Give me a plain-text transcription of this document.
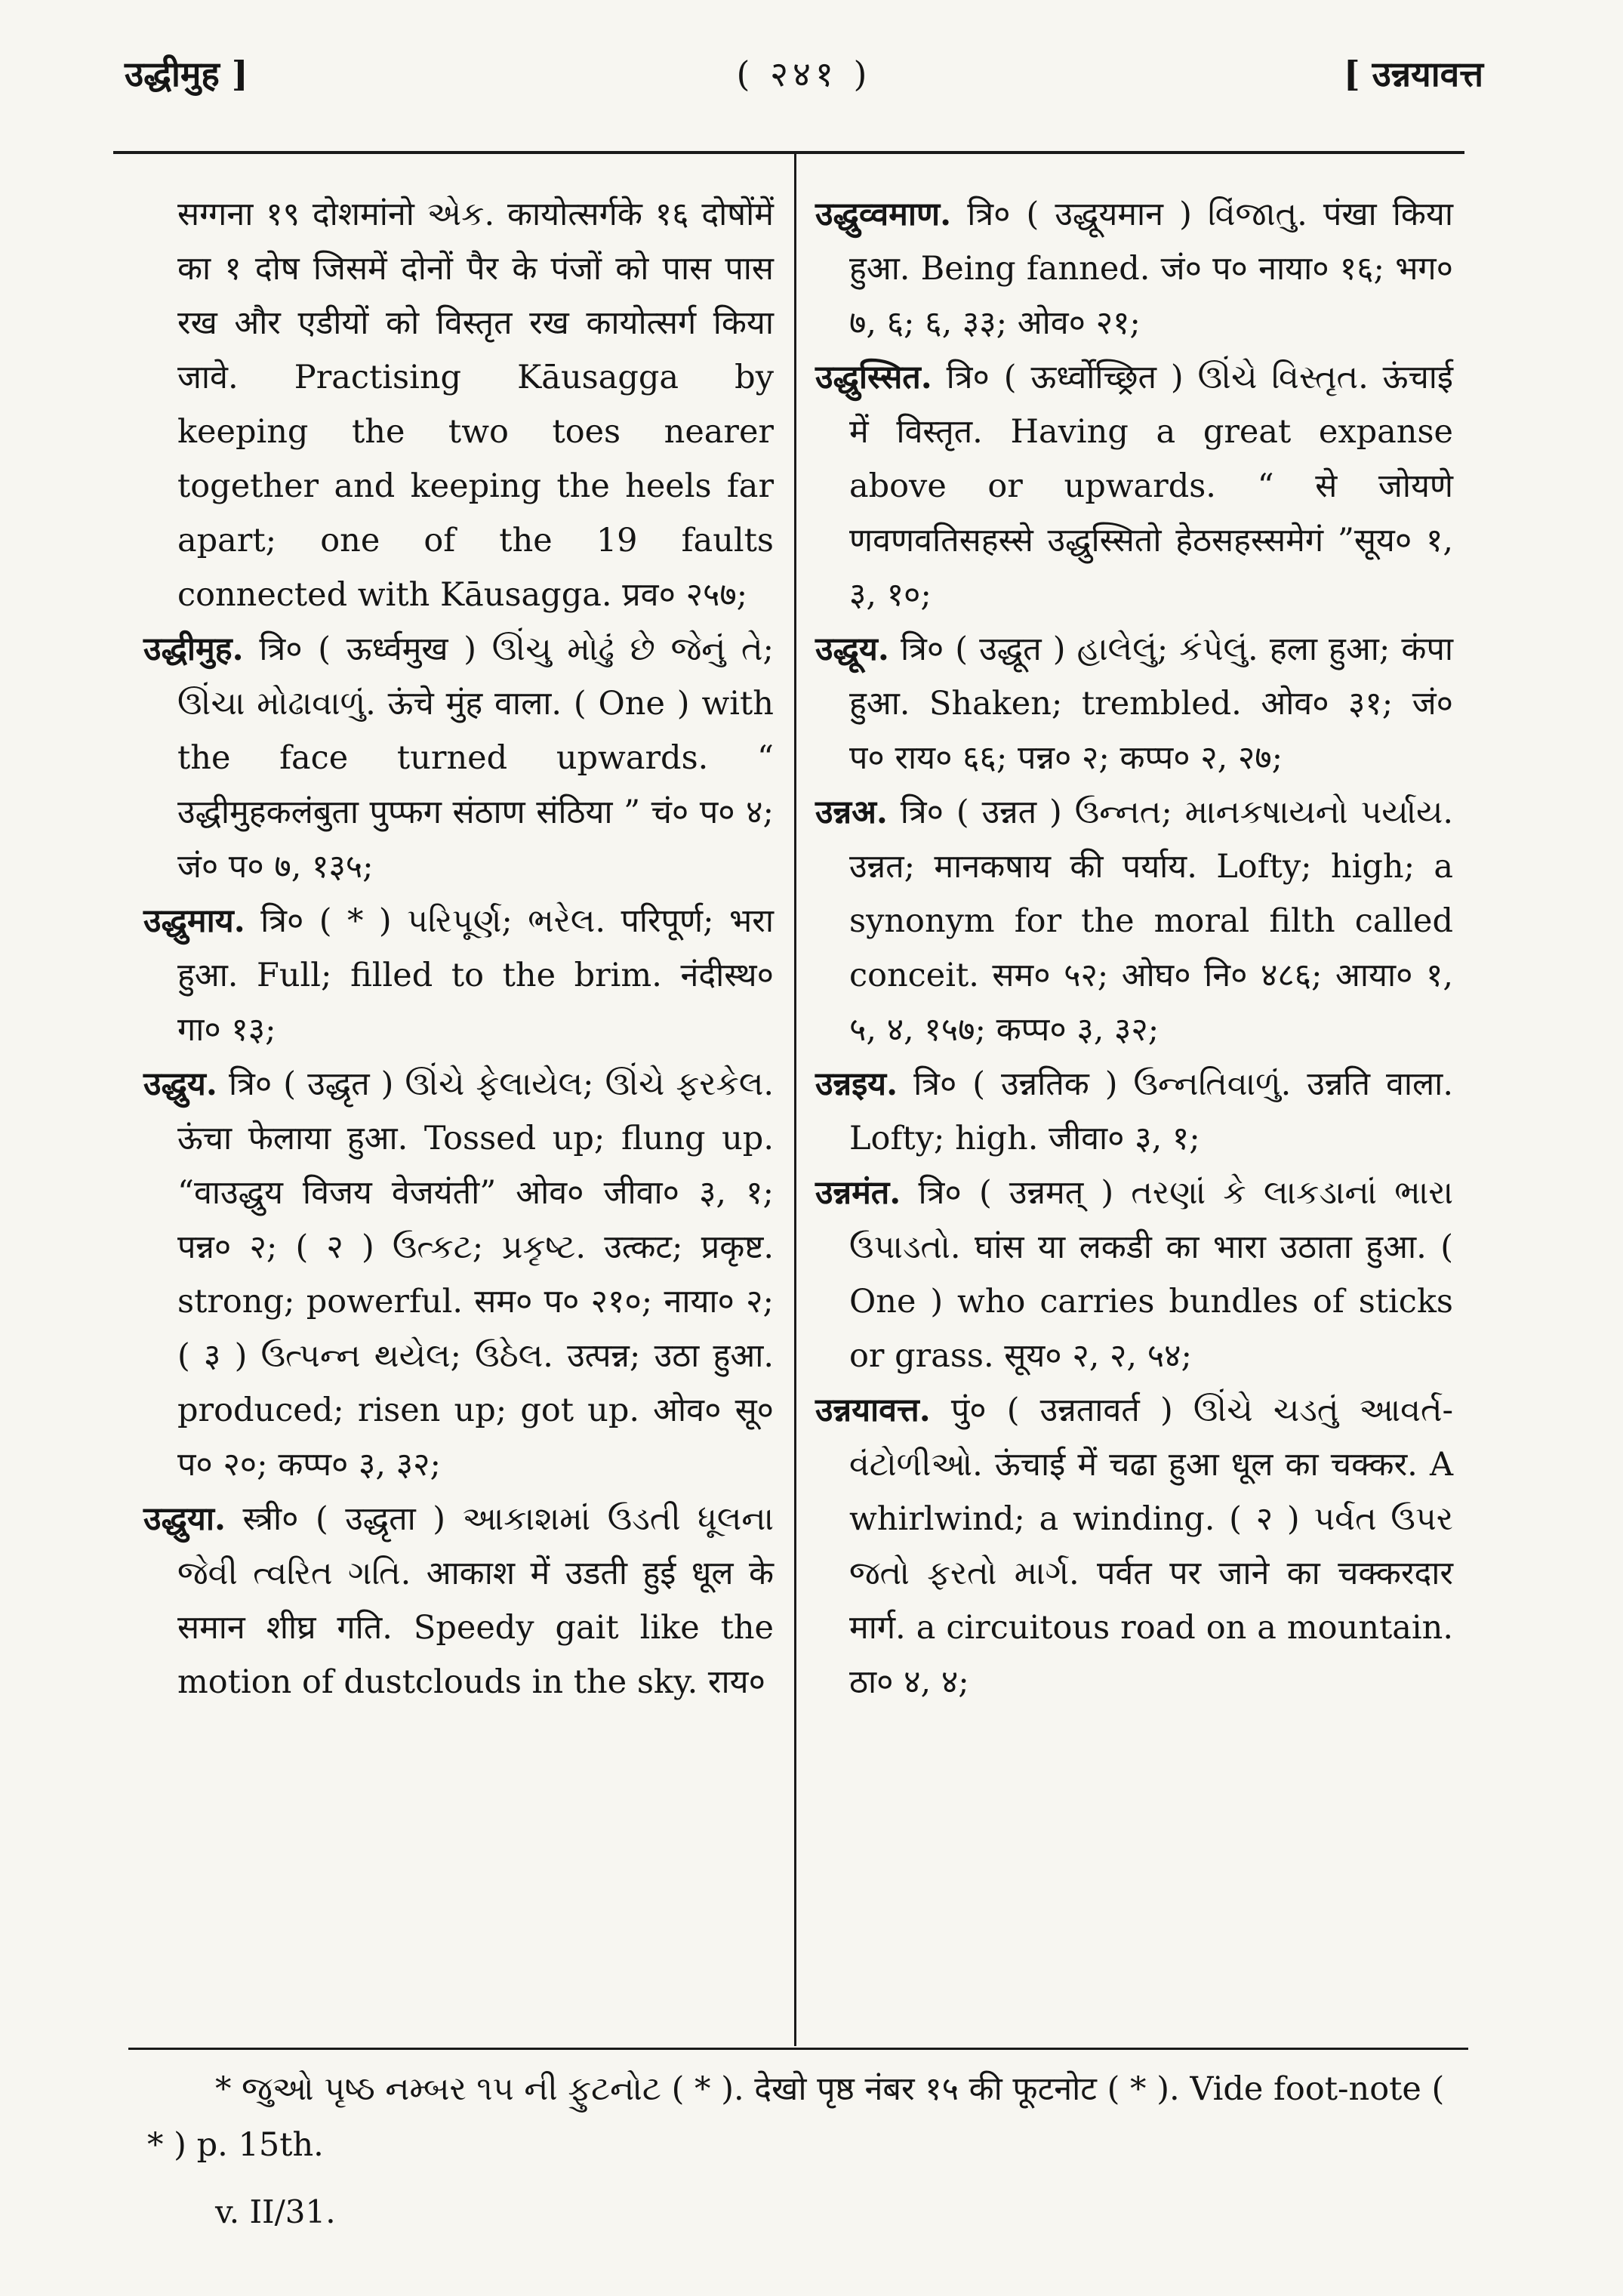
उद्धीमुह ]	( २४१ )	[ उन्नयावत्त

सग्गना १९ दोशमांनो એક. कायोत्सर्गके १६ दोषोंमें का १ दोष जिसमें दोनों पैर के पंजों को पास पास रख और एडीयों को विस्तृत रख कायोत्सर्ग किया जावे. Practising Kāusagga by keeping the two toes nearer together and keeping the heels far apart; one of the 19 faults connected with Kāusagga. प्रव० २५७;

उद्धीमुह. त्रि० ( ऊर्ध्वमुख ) ઊંચુ મોઢું છે જેનું તે; ઊંચા મોઢાવાળું. ऊंचे मुंह वाला. ( One ) with the face turned upwards. “ उद्धीमुहकलंबुता पुप्फग संठाण संठिया ” चं० प० ४; जं० प० ७, १३५;

उद्धुमाय. त्रि० ( * ) પરિપૂર્ણ; ભરેલ. परिपूर्ण; भरा हुआ. Full; filled to the brim. नंदीस्थ० गा० १३;

उद्धुय. त्रि० ( उद्धृत ) ઊંચે ફેલાયેલ; ઊંચે ફરકેલ. ऊंचा फेलाया हुआ. Tossed up; flung up. “वाउद्धुय विजय वेजयंती” ओव० जीवा० ३, १; पन्न० २; ( २ ) ઉત્કટ; પ્રકૃષ્ટ. उत्कट; प्रकृष्ट. strong; powerful. सम० प० २१०; नाया० २; ( ३ ) ઉત્પન્ન થયેલ; ઉઠેલ. उत्पन्न; उठा हुआ. produced; risen up; got up. ओव० सू० प० २०; कप्प० ३, ३२;

उद्धुया. स्त्री० ( उद्धृता ) આકાશમાં ઉડતી ધૂલના જેવી ત્વરિત ગતિ. आकाश में उडती हुई धूल के समान शीघ्र गति. Speedy gait like the motion of dustclouds in the sky. राय०

उद्धुव्वमाण. त्रि० ( उद्धूयमान ) વિંજાતુ. पंखा किया हुआ. Being fanned. जं० प० नाया० १६; भग० ७, ६; ६, ३३; ओव० २१;

उद्धुस्सित. त्रि० ( ऊर्ध्वोच्छ्रित ) ઊંચે વિસ્તૃત. ऊंचाई में विस्तृत. Having a great expanse above or upwards. “ से जोयणे णवणवतिसहस्से उद्धुस्सितो हेठसहस्समेगं ”सूय० १, ३, १०;

उद्धूय. त्रि० ( उद्धूत ) હાલેલું; કંપેલું. हला हुआ; कंपा हुआ. Shaken; trembled. ओव० ३१; जं० प० राय० ६६; पन्न० २; कप्प० २, २७;

उन्नअ. त्रि० ( उन्नत ) ઉન્નત; માનકષાયનો પર્યાય. उन्नत; मानकषाय की पर्याय. Lofty; high; a synonym for the moral filth called conceit. सम० ५२; ओघ० नि० ४८६; आया० १, ५, ४, १५७; कप्प० ३, ३२;

उन्नइय. त्रि० ( उन्नतिक ) ઉન્નતિવાળું. उन्नति वाला. Lofty; high. जीवा० ३, १;

उन्नमंत. त्रि० ( उन्नमत् ) તરણાં કે લાકડાનાં ભારા ઉપાડતો. घांस या लकडी का भारा उठाता हुआ. ( One ) who carries bundles of sticks or grass. सूय० २, २, ५४;

उन्नयावत्त. पुं० ( उन्नतावर्त ) ઊંચે ચડતું આવર્ત-વંટોળીઓ. ऊंचाई में चढा हुआ धूल का चक्कर. A whirlwind; a winding. ( २ ) પર્વત ઉપર જતો ફરતો માર્ગ. पर्वत पर जाने का चक्करदार मार्ग. a circuitous road on a mountain. ठा० ४, ४;

* જુઓ પૃષ્ઠ નમ્બર ૧૫ ની ફુટનોટ ( * ). देखो पृष्ठ नंबर १५ की फूटनोट ( * ). Vide foot-note ( * ) p. 15th.
v. II/31.
